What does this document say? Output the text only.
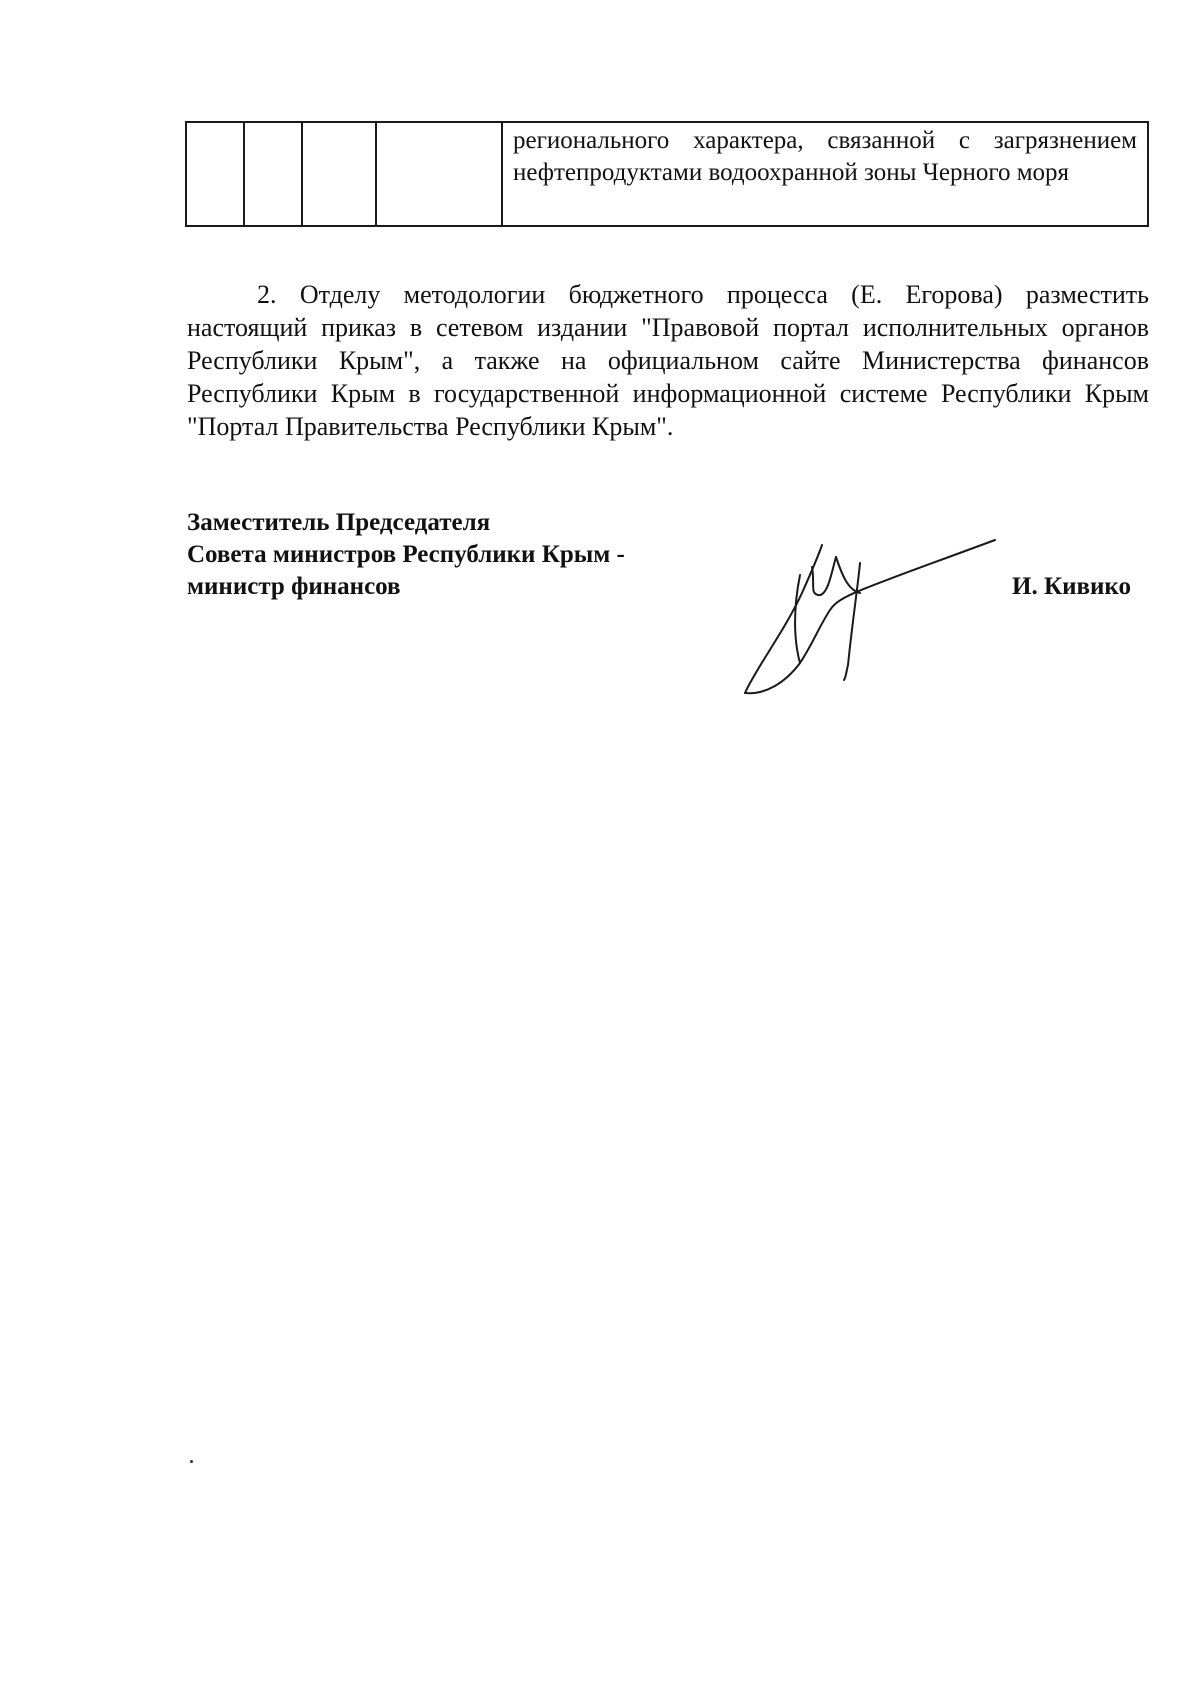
				регионального характера, связанной с загрязнением нефтепродуктами водоохранной зоны Черного моря

2. Отделу методологии бюджетного процесса (Е. Егорова) разместить настоящий приказ в сетевом издании "Правовой портал исполнительных органов Республики Крым", а также на официальном сайте Министерства финансов Республики Крым в государственной информационной системе Республики Крым "Портал Правительства Республики Крым".

Заместитель Председателя
Совета министров Республики Крым -
министр финансов	И. Кивико
